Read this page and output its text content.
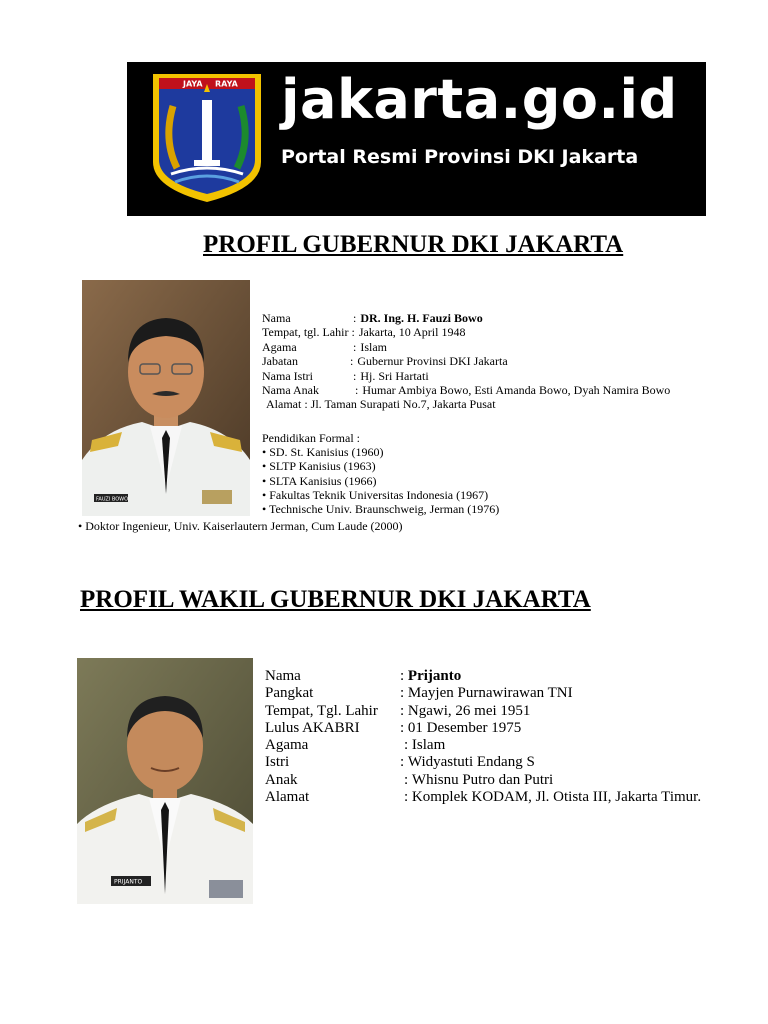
JAYA RAYA jakarta.go.id
Portal Resmi Provinsi DKI Jakarta
PROFIL GUBERNUR DKI JAKARTA
FAUZI BOWO
Nama	: DR. Ing. H. Fauzi Bowo
Tempat, tgl. Lahir : Jakarta, 10 April 1948
Agama	: Islam
Jabatan	: Gubernur Provinsi DKI Jakarta
Nama Istri	: Hj. Sri Hartati
Nama Anak	: Humar Ambiya Bowo, Esti Amanda Bowo, Dyah Namira Bowo
Alamat : Jl. Taman Surapati No.7, Jakarta Pusat
Pendidikan Formal :
• SD. St. Kanisius (1960)
• SLTP Kanisius (1963)
• SLTA Kanisius (1966)
• Fakultas Teknik Universitas Indonesia (1967)
• Technische Univ. Braunschweig, Jerman (1976)
• Doktor Ingenieur, Univ. Kaiserlautern Jerman, Cum Laude (2000)
PROFIL WAKIL GUBERNUR DKI JAKARTA
PRIJANTO
Nama	: Prijanto
Pangkat	: Mayjen Purnawirawan TNI
Tempat, Tgl. Lahir	: Ngawi, 26 mei 1951
Lulus AKABRI	: 01 Desember 1975
Agama	: Islam
Istri	: Widyastuti Endang S
Anak	: Whisnu Putro dan Putri
Alamat	: Komplek KODAM, Jl. Otista III, Jakarta Timur.
